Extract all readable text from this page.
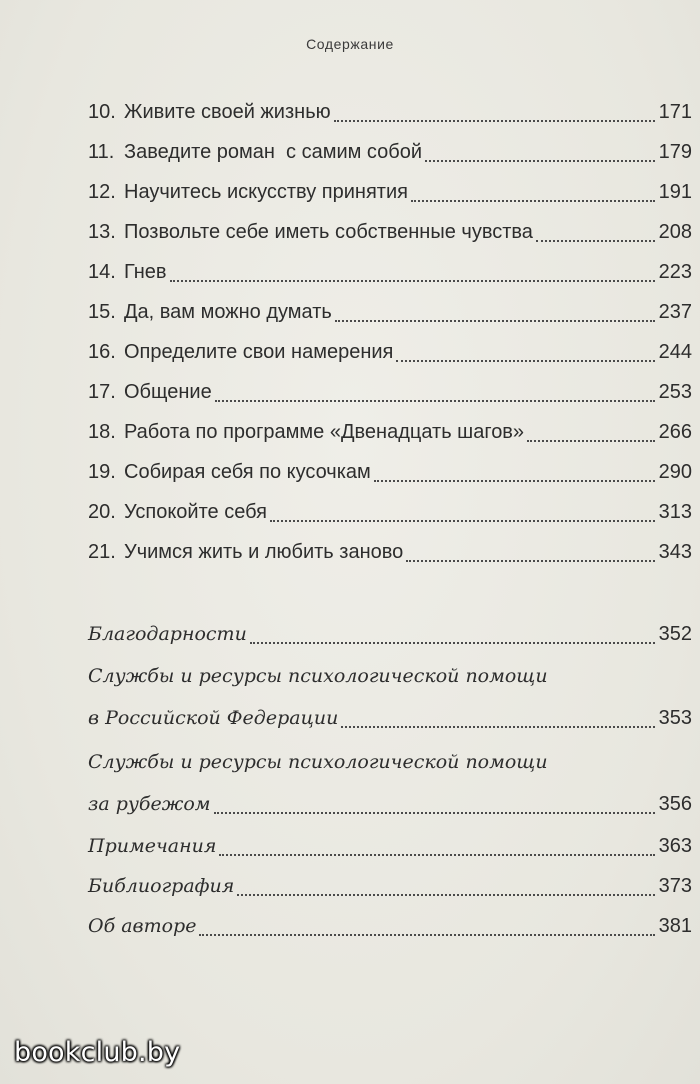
Содержание
10. Живите своей жизнью	171
11. Заведите роман  с самим собой	179
12. Научитесь искусству принятия	191
13. Позвольте себе иметь собственные чувства	208
14. Гнев	223
15. Да, вам можно думать	237
16. Определите свои намерения	244
17. Общение	253
18. Работа по программе «Двенадцать шагов»	266
19. Собирая себя по кусочкам	290
20. Успокойте себя	313
21. Учимся жить и любить заново	343
Благодарности	352
Службы и ресурсы психологической помощи
в Российской Федерации	353
Службы и ресурсы психологической помощи
за рубежом	356
Примечания	363
Библиография	373
Об авторе	381
bookclub.by
